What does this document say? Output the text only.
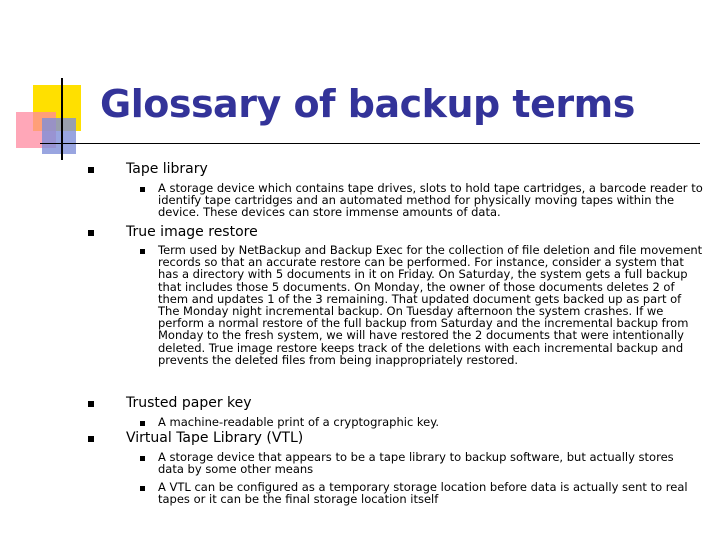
Glossary of backup terms
Tape library
A storage device which contains tape drives, slots to hold tape cartridges, a barcode reader to identify tape cartridges and an automated method for physically moving tapes within the device. These devices can store immense amounts of data.
True image restore
Term used by NetBackup and Backup Exec for the collection of file deletion and file movement records so that an accurate restore can be performed. For instance, consider a system that has a directory with 5 documents in it on Friday. On Saturday, the system gets a full backup that includes those 5 documents. On Monday, the owner of those documents deletes 2 of them and updates 1 of the 3 remaining. That updated document gets backed up as part of The Monday night incremental backup. On Tuesday afternoon the system crashes. If we perform a normal restore of the full backup from Saturday and the incremental backup from Monday to the fresh system, we will have restored the 2 documents that were intentionally deleted. True image restore keeps track of the deletions with each incremental backup and prevents the deleted files from being inappropriately restored.
Trusted paper key
A machine-readable print of a cryptographic key.
Virtual Tape Library (VTL)
A storage device that appears to be a tape library to backup software, but actually stores data by some other means
A VTL can be configured as a temporary storage location before data is actually sent to real tapes or it can be the final storage location itself
